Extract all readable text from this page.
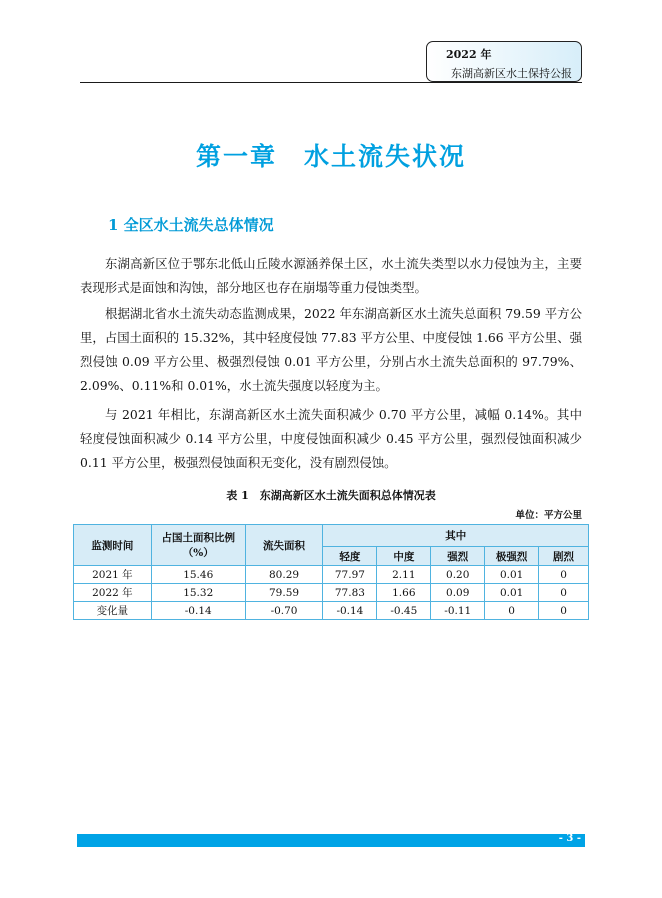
2022 年
东湖高新区水土保持公报
第一章　水土流失状况
1 全区水土流失总体情况

东湖高新区位于鄂东北低山丘陵水源涵养保土区，水土流失类型以水力侵蚀为主，主要表现形式是面蚀和沟蚀，部分地区也存在崩塌等重力侵蚀类型。

根据湖北省水土流失动态监测成果，2022 年东湖高新区水土流失总面积 79.59 平方公里，占国土面积的 15.32%，其中轻度侵蚀 77.83 平方公里、中度侵蚀 1.66 平方公里、强烈侵蚀 0.09 平方公里、极强烈侵蚀 0.01 平方公里，分别占水土流失总面积的 97.79%、2.09%、0.11%和 0.01%，水土流失强度以轻度为主。

与 2021 年相比，东湖高新区水土流失面积减少 0.70 平方公里，减幅 0.14%。其中轻度侵蚀面积减少 0.14 平方公里，中度侵蚀面积减少 0.45 平方公里，强烈侵蚀面积减少 0.11 平方公里，极强烈侵蚀面积无变化，没有剧烈侵蚀。

表 1　东湖高新区水土流失面积总体情况表
单位：平方公里
监测时间	占国土面积比例（%）	流失面积	其中				
			轻度	中度	强烈	极强烈	剧烈
2021 年	15.46	80.29	77.97	2.11	0.20	0.01	0
2022 年	15.32	79.59	77.83	1.66	0.09	0.01	0
变化量	-0.14	-0.70	-0.14	-0.45	-0.11	0	0
- 3 -
